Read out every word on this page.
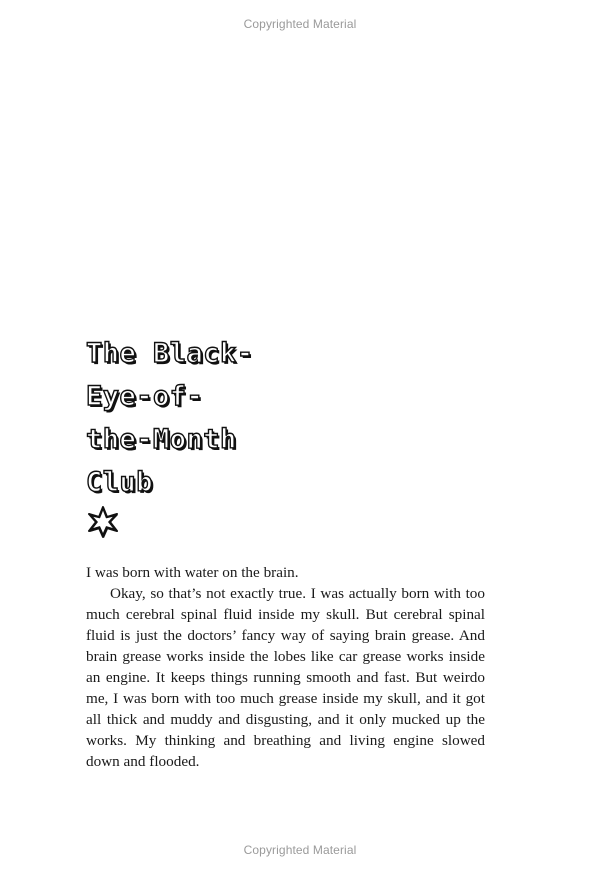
Copyrighted Material
The Black-
Eye-of-
the-Month
Club

I was born with water on the brain.

Okay, so that’s not exactly true. I was actually born with too much cerebral spinal fluid inside my skull. But cerebral spinal fluid is just the doctors’ fancy way of saying brain grease. And brain grease works inside the lobes like car grease works inside an engine. It keeps things running smooth and fast. But weirdo me, I was born with too much grease inside my skull, and it got all thick and muddy and disgusting, and it only mucked up the works. My thinking and breathing and living engine slowed down and flooded.

Copyrighted Material
